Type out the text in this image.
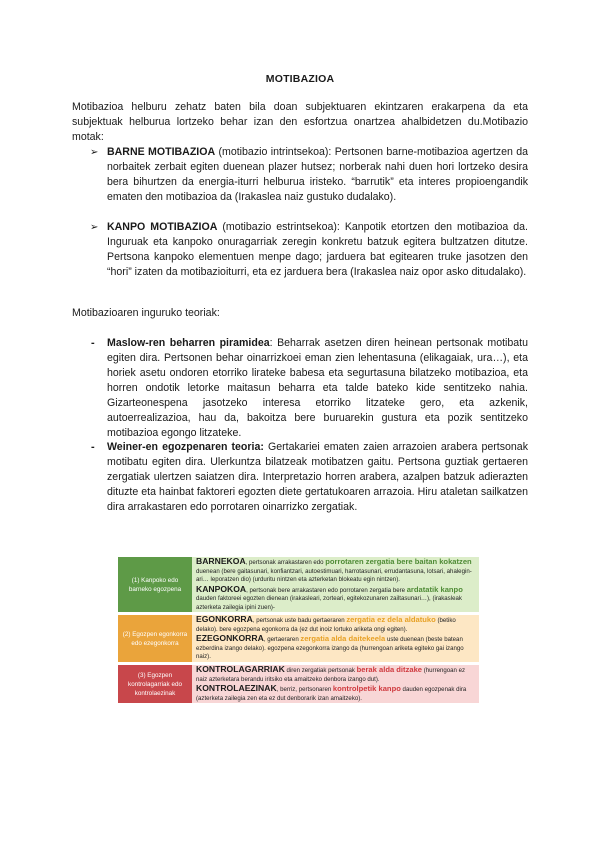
MOTIBAZIOA
Motibazioa helburu zehatz baten bila doan subjektuaren ekintzaren erakarpena da eta subjektuak helburua lortzeko behar izan den esfortzua onartzea ahalbidetzen du.Motibazio motak:
➢ BARNE MOTIBAZIOA (motibazio intrintsekoa): Pertsonen barne-motibazioa agertzen da norbaitek zerbait egiten duenean plazer hutsez; norberak nahi duen hori lortzeko desira bera bihurtzen da energia-iturri helburua iristeko. “barrutik” eta interes propioengandik ematen den motibazioa da (Irakaslea naiz gustuko dudalako).
➢ KANPO MOTIBAZIOA (motibazio estrintsekoa): Kanpotik etortzen den motibazioa da. Inguruak eta kanpoko onuragarriak zeregin konkretu batzuk egitera bultzatzen ditutze. Pertsona kanpoko elementuen menpe dago; jarduera bat egitearen truke jasotzen den “hori” izaten da motibazioiturri, eta ez jarduera bera (Irakaslea naiz opor asko ditudalako).
Motibazioaren inguruko teoriak:
- Maslow-ren beharren piramidea: Beharrak asetzen diren heinean pertsonak motibatu egiten dira. Pertsonen behar oinarrizkoei eman zien lehentasuna (elikagaiak, ura…), eta horiek asetu ondoren etorriko lirateke babesa eta segurtasuna bilatzeko motibazioa, eta horren ondotik letorke maitasun beharra eta talde bateko kide sentitzeko nahia. Gizarteonespena jasotzeko interesa etorriko litzateke gero, eta azkenik, autoerrealizazioa, hau da, bakoitza bere buruarekin gustura eta pozik sentitzeko motibazioa egongo litzateke.
- Weiner-en egozpenaren teoria: Gertakariei ematen zaien arrazoien arabera pertsonak motibatu egiten dira. Ulerkuntza bilatzeak motibatzen gaitu. Pertsona guztiak gertaeren zergatiak ulertzen saiatzen dira. Interpretazio horren arabera, azalpen batzuk adierazten dituzte eta hainbat faktoreri egozten diete gertatukoaren arrazoia. Hiru ataletan sailkatzen dira arrakastaren edo porrotaren oinarrizko zergatiak.
(1) Kanpoko edo barneko egozpena	BARNEKOA, pertsonak arrakastaren edo porrotaren zergatia bere baitan kokatzen duenean (bere gaitasunari, konfiantzari, autoestimuari, harrotasunari, errudantasuna, lotsari, ahaleginari… leporatzen dio) (urduritu nintzen eta azterketan blokeatu egin nintzen).
KANPOKOA, pertsonak bere arrakastaren edo porrotaren zergatia bere ardatatik kanpo dauden faktoreei egozten dienean (irakasleari, zorteari, egitekozunaren zailtasunari…), (irakasleak azterketa zailegia ipini zuen)-

(2) Egozpen egonkorra edo ezegonkorra	EGONKORRA, pertsonak uste badu gertaeraren zergatia ez dela aldatuko (betiko delako). bere egozpena egonkorra da (ez dut inoiz lortuko ariketa ongi egiten).
EZEGONKORRA, gertaeraren zergatia alda daitekeela uste duenean (beste batean ezberdina izango delako). egozpena ezegonkorra izango da (hurrengoan ariketa egiteko gai izango naiz).

(3) Egozpen kontrolagarriak edo kontrolaezinak	KONTROLAGARRIAK diren zergatiak pertsonak berak alda ditzake (hurrengoan ez naiz azterketara berandu iritsiko eta amaitzeko denbora izango dut).
KONTROLAEZINAK, berriz, pertsonaren kontrolpetik kanpo dauden egozpenak dira (azterketa zailegia zen eta ez dut denborarik izan amaitzeko).
